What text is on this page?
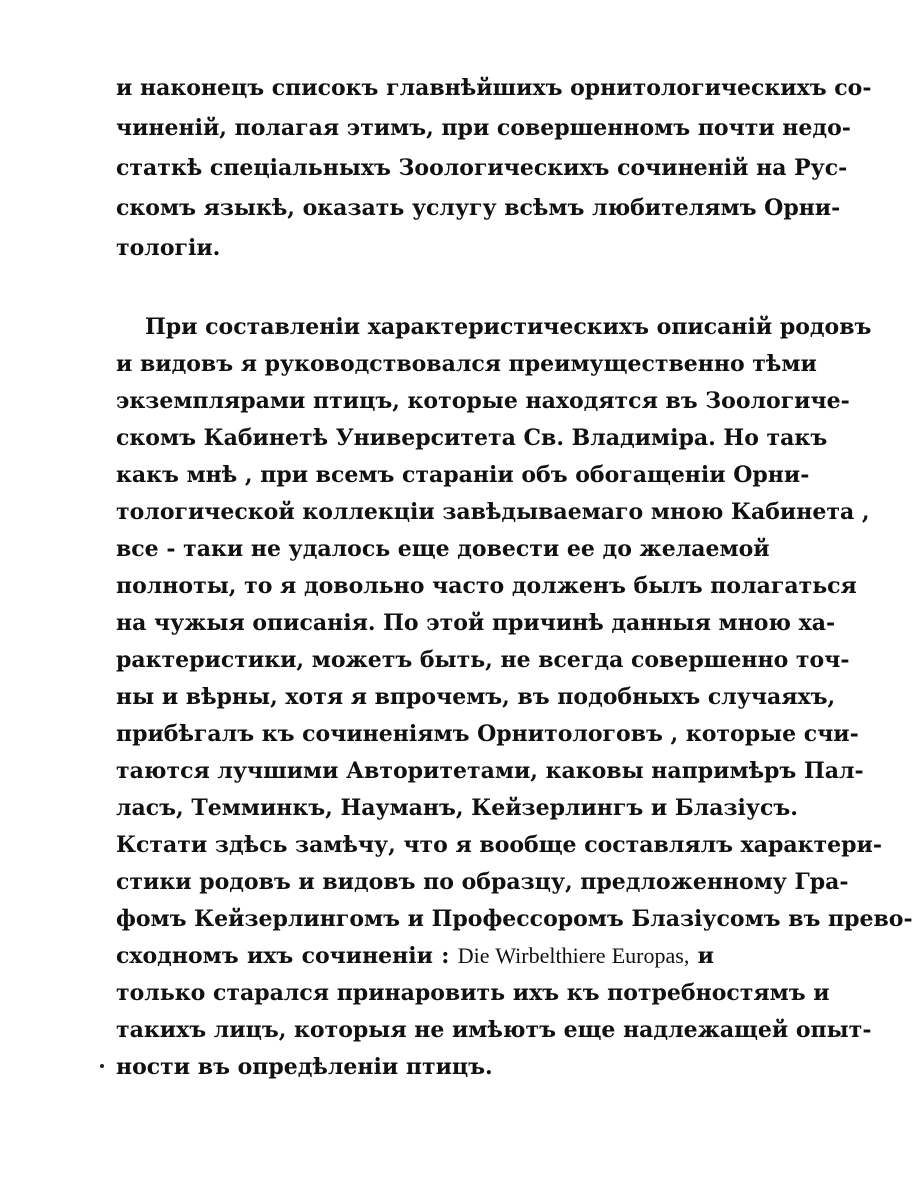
и наконецъ списокъ главнѣйшихъ орнитологическихъ со-
чиненій, полагая этимъ, при совершенномъ почти недо-
статкѣ спеціальныхъ Зоологическихъ сочиненій на Рус-
скомъ языкѣ, оказать услугу всѣмъ любителямъ Орни-
тологіи.
При составленіи характеристическихъ описаній родовъ
и видовъ я руководствовался преимущественно тѣми
экземплярами птицъ, которые находятся въ Зоологиче-
скомъ Кабинетѣ Университета Св. Владиміра. Но такъ
какъ мнѣ , при всемъ стараніи объ обогащеніи Орни-
тологической коллекціи завѣдываемаго мною Кабинета ,
все - таки не удалось еще довести ее до желаемой
полноты, то я довольно часто долженъ былъ полагаться
на чужыя описанія. По этой причинѣ данныя мною ха-
рактеристики, можетъ быть, не всегда совершенно точ-
ны и вѣрны, хотя я впрочемъ, въ подобныхъ случаяхъ,
прибѣгалъ къ сочиненіямъ Орнитологовъ , которые счи-
таются лучшими Авторитетами, каковы напримѣръ Пал-
ласъ, Темминкъ, Науманъ, Кейзерлингъ и Блазіусъ.
Кстати здѣсь замѣчу, что я вообще составлялъ характери-
стики родовъ и видовъ по образцу, предложенному Гра-
фомъ Кейзерлингомъ и Профессоромъ Блазіусомъ въ прево-
сходномъ ихъ сочиненіи : Die Wirbelthiere Europas, и
только старался принаровить ихъ къ потребностямъ и
такихъ лицъ, которыя не имѣютъ еще надлежащей опыт-
ности въ опредѣленіи птицъ.
